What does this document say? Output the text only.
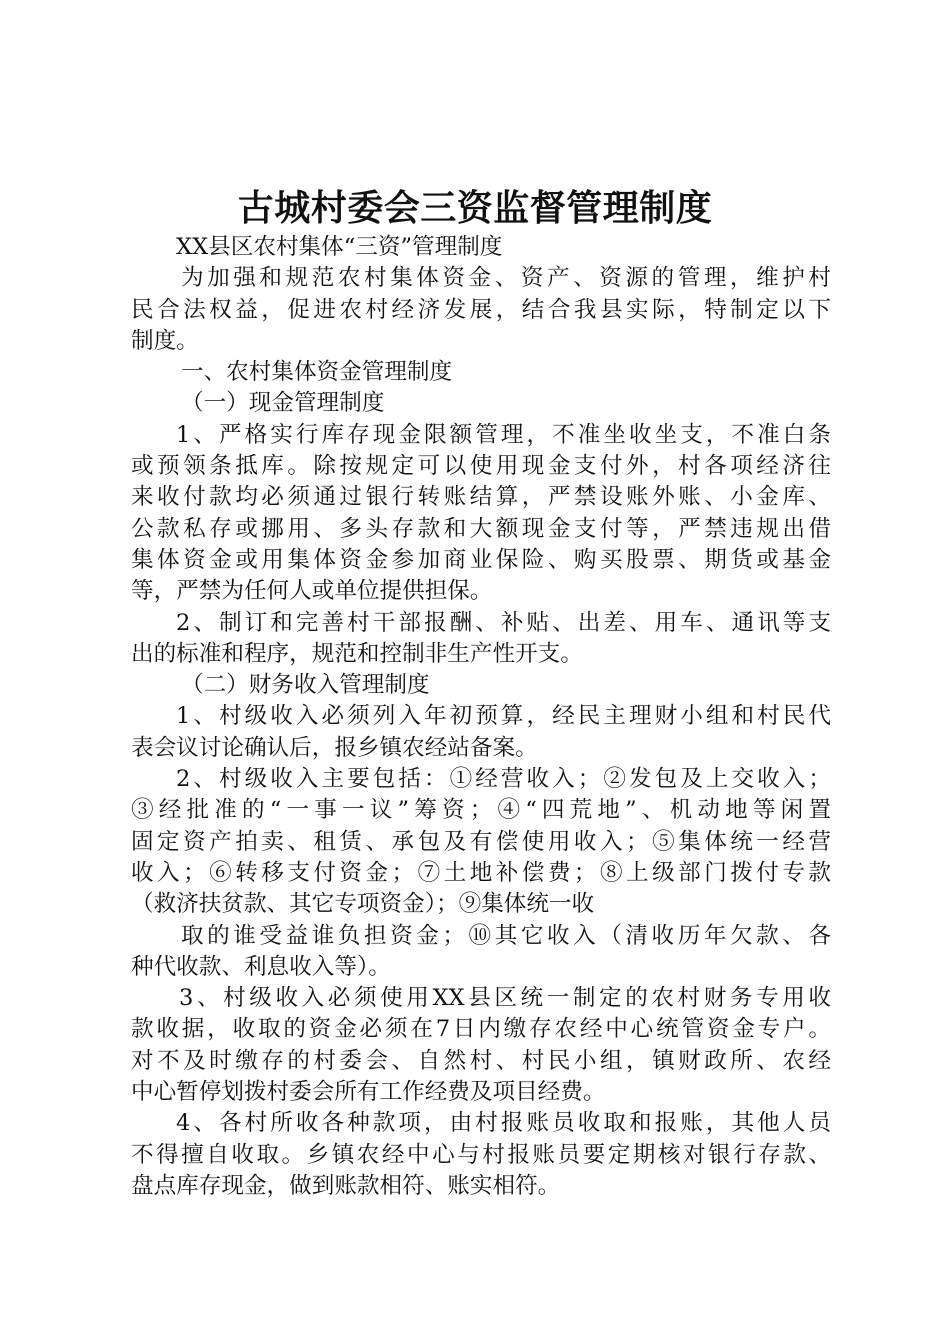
古城村委会三资监督管理制度
XX县区农村集体“三资”管理制度
为加强和规范农村集体资金、资产、资源的管理，维护村
民合法权益，促进农村经济发展，结合我县实际，特制定以下
制度。
一、农村集体资金管理制度
（一）现金管理制度
1、严格实行库存现金限额管理，不准坐收坐支，不准白条
或预领条抵库。除按规定可以使用现金支付外，村各项经济往
来收付款均必须通过银行转账结算，严禁设账外账、小金库、
公款私存或挪用、多头存款和大额现金支付等，严禁违规出借
集体资金或用集体资金参加商业保险、购买股票、期货或基金
等，严禁为任何人或单位提供担保。
2、制订和完善村干部报酬、补贴、出差、用车、通讯等支
出的标准和程序，规范和控制非生产性开支。
（二）财务收入管理制度
1、村级收入必须列入年初预算，经民主理财小组和村民代
表会议讨论确认后，报乡镇农经站备案。
2、村级收入主要包括：①经营收入；②发包及上交收入；
③经批准的“一事一议”筹资；④“四荒地”、机动地等闲置
固定资产拍卖、租赁、承包及有偿使用收入；⑤集体统一经营
收入；⑥转移支付资金；⑦土地补偿费；⑧上级部门拨付专款
（救济扶贫款、其它专项资金）；⑨集体统一收
取的谁受益谁负担资金；⑩其它收入（清收历年欠款、各
种代收款、利息收入等）。
3、村级收入必须使用XX县区统一制定的农村财务专用收
款收据，收取的资金必须在7日内缴存农经中心统管资金专户。
对不及时缴存的村委会、自然村、村民小组，镇财政所、农经
中心暂停划拨村委会所有工作经费及项目经费。
4、各村所收各种款项，由村报账员收取和报账，其他人员
不得擅自收取。乡镇农经中心与村报账员要定期核对银行存款、
盘点库存现金，做到账款相符、账实相符。
